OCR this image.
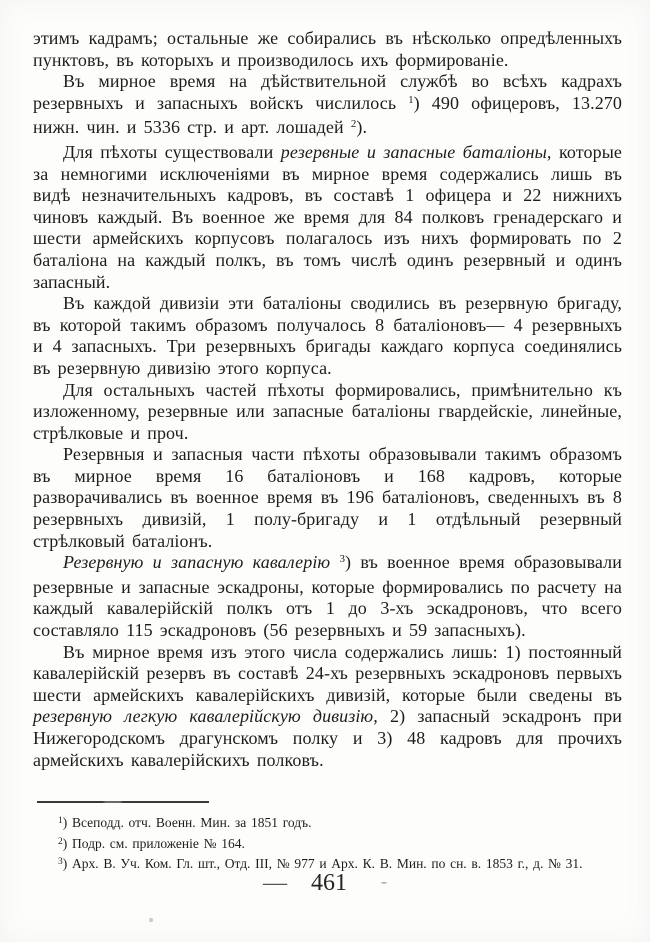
этимъ кадрамъ; остальные же собирались въ нѣсколько опредѣленныхъ пунктовъ, въ которыхъ и производилось ихъ формированіе.

Въ мирное время на дѣйствительной службѣ во всѣхъ кадрахъ резервныхъ и запасныхъ войскъ числилось $^1$) 490 офицеровъ, 13.270 нижн. чин. и 5336 стр. и арт. лошадей $^2$).

Для пѣхоты существовали резервные и запасные баталіоны, которые за немногими исключеніями въ мирное время содержались лишь въ видѣ незначительныхъ кадровъ, въ составѣ 1 офицера и 22 нижнихъ чиновъ каждый. Въ военное же время для 84 полковъ гренадерскаго и шести армейскихъ корпусовъ полагалось изъ нихъ формировать по 2 баталіона на каждый полкъ, въ томъ числѣ одинъ резервный и одинъ запасный.

Въ каждой дивизіи эти баталіоны сводились въ резервную бригаду, въ которой такимъ образомъ получалось 8 баталіоновъ— 4 резервныхъ и 4 запасныхъ. Три резервныхъ бригады каждаго корпуса соединялись въ резервную дивизію этого корпуса.

Для остальныхъ частей пѣхоты формировались, примѣнительно къ изложенному, резервные или запасные баталіоны гвардейскіе, линейные, стрѣлковые и проч.

Резервныя и запасныя части пѣхоты образовывали такимъ образомъ въ мирное время 16 баталіоновъ и 168 кадровъ, которые разворачивались въ военное время въ 196 баталіоновъ, сведенныхъ въ 8 резервныхъ дивизій, 1 полу-бригаду и 1 отдѣльный резервный стрѣлковый баталіонъ.

Резервную и запасную кавалерію $^3$) въ военное время образовывали резервные и запасные эскадроны, которые формировались по расчету на каждый кавалерійскій полкъ отъ 1 до 3-хъ эскадроновъ, что всего составляло 115 эскадроновъ (56 резервныхъ и 59 запасныхъ).

Въ мирное время изъ этого числа содержались лишь: 1) постоянный кавалерійскій резервъ въ составѣ 24-хъ резервныхъ эскадроновъ первыхъ шести армейскихъ кавалерійскихъ дивизій, которые были сведены въ резервную легкую кавалерійскую дивизію, 2) запасный эскадронъ при Нижегородскомъ драгунскомъ полку и 3) 48 кадровъ для прочихъ армейскихъ кавалерійскихъ полковъ.

$^1$) Всеподд. отч. Военн. Мин. за 1851 годъ.

$^2$) Подр. см. приложеніе № 164.

$^3$) Арх. В. Уч. Ком. Гл. шт., Отд. III, № 977 и Арх. К. В. Мин. по сн. в. 1853 г., д. № 31.

— 461 -
